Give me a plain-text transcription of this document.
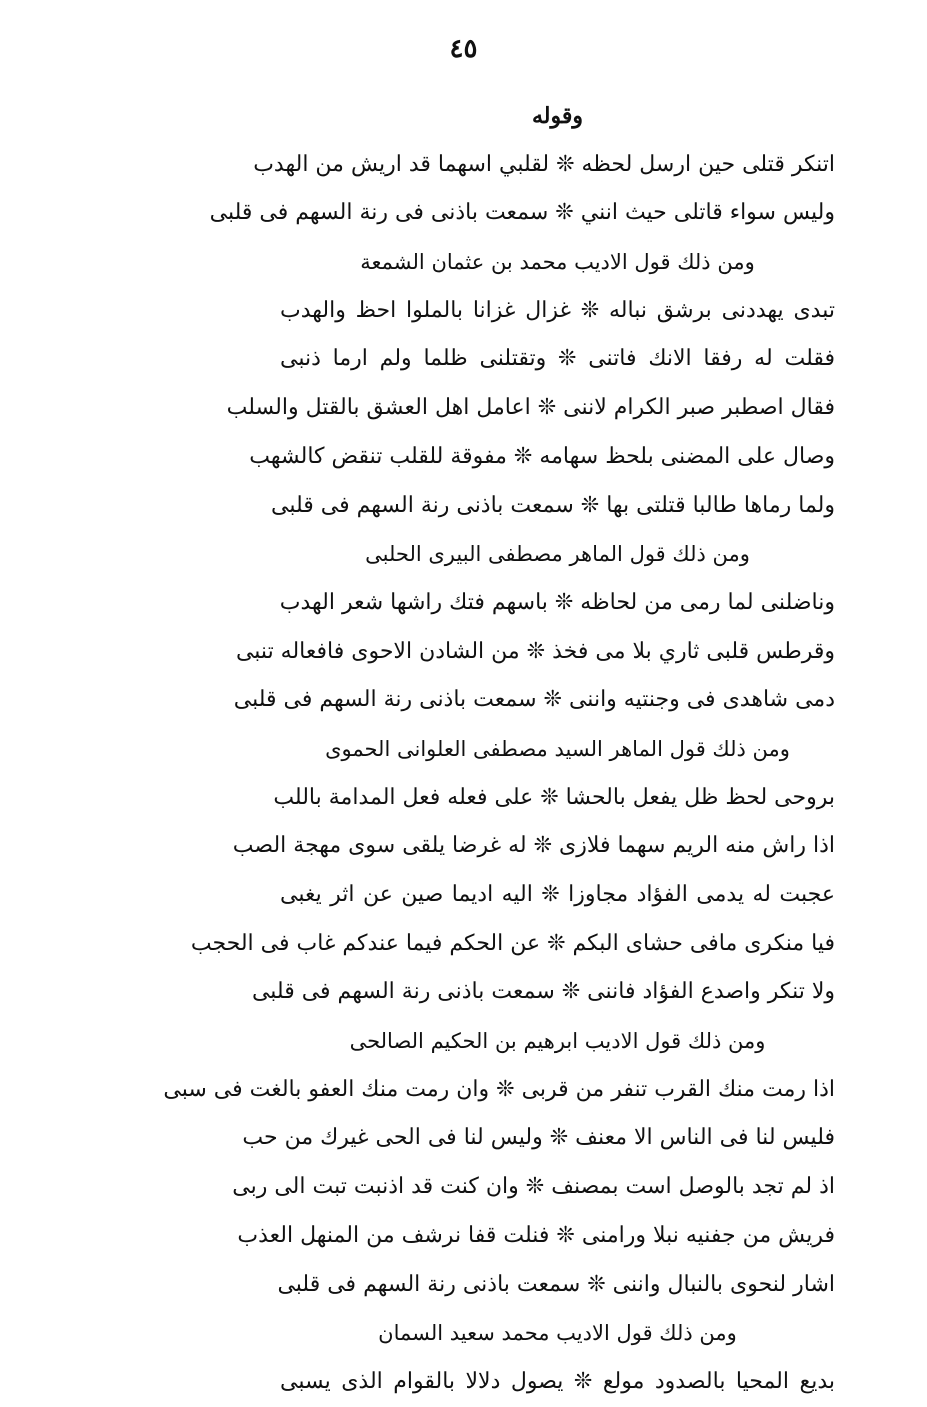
٤٥
وقوله
اتنكر قتلى حين ارسل لحظه ❊ لقلبي اسهما قد اريش من الهدب
وليس سواء قاتلى حيث انني ❊ سمعت باذنى فى رنة السهم فى قلبى
ومن ذلك قول الاديب محمد بن عثمان الشمعة
تبدى يهددنى برشق نباله ❊ غزال غزانا بالملوا احظ والهدب
فقلت له رفقا الانك فاتنى ❊ وتقتلنى ظلما ولم ارما ذنبى
فقال اصطبر صبر الكرام لاننى ❊ اعامل اهل العشق بالقتل والسلب
وصال على المضنى بلحظ سهامه ❊ مفوقة للقلب تنقض كالشهب
ولما رماها طالبا قتلتى بها ❊ سمعت باذنى رنة السهم فى قلبى
ومن ذلك قول الماهر مصطفى البيرى الحلبى
وناضلنى لما رمى من لحاظه ❊ باسهم فتك راشها شعر الهدب
وقرطس قلبى ثاري بلا مى فخذ ❊ من الشادن الاحوى فافعاله تنبى
دمى شاهدى فى وجنتيه واننى ❊ سمعت باذنى رنة السهم فى قلبى
ومن ذلك قول الماهر السيد مصطفى العلوانى الحموى
بروحى لحظ ظل يفعل بالحشا ❊ على فعله فعل المدامة باللب
اذا راش منه الريم سهما فلازى ❊ له غرضا يلقى سوى مهجة الصب
عجبت له يدمى الفؤاد مجاوزا ❊ اليه اديما صين عن اثر يغبى
فيا منكرى مافى حشاى البكم ❊ عن الحكم فيما عندكم غاب فى الحجب
ولا تنكر واصدع الفؤاد فاننى ❊ سمعت باذنى رنة السهم فى قلبى
ومن ذلك قول الاديب ابرهيم بن الحكيم الصالحى
اذا رمت منك القرب تنفر من قربى ❊ وان رمت منك العفو بالغت فى سبى
فليس لنا فى الناس الا معنف ❊ وليس لنا فى الحى غيرك من حب
اذ لم تجد بالوصل است بمصنف ❊ وان كنت قد اذنبت تبت الى ربى
فريش من جفنيه نبلا ورامنى ❊ فنلت قفا نرشف من المنهل العذب
اشار لنحوى بالنبال واننى ❊ سمعت باذنى رنة السهم فى قلبى
ومن ذلك قول الاديب محمد سعيد السمان
بديع المحيا بالصدود مولع ❊ يصول دلالا بالقوام الذى يسبى
